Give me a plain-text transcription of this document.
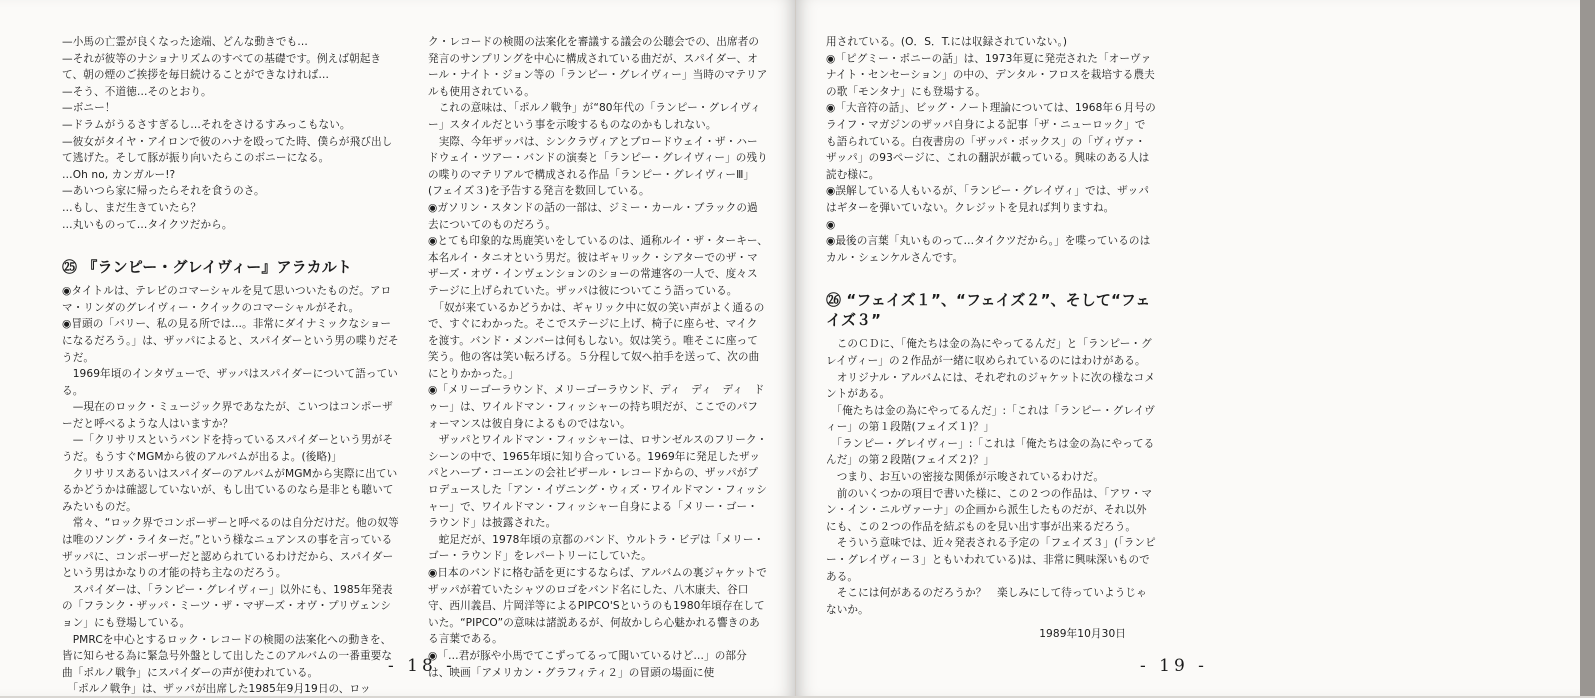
—小馬の亡霊が良くなった途端、どんな動きでも…

—それが彼等のナショナリズムのすべての基礎です。例えば朝起きて、朝の煙のご挨拶を毎日続けることができなければ…

—そう、不道徳…そのとおり。

—ボニー！

—ドラムがうるさすぎるし…それをさけるすみっこもない。

—彼女がタイヤ・アイロンで彼のハナを殴ってた時、僕らが飛び出して逃げた。そして豚が振り向いたらこのボニーになる。

…Oh no, カンガルー!?

—あいつら家に帰ったらそれを食うのさ。

…もし、まだ生きていたら？

…丸いものって…タイクツだから。

㉕ 『ランピー・グレイヴィー』アラカルト

◉タイトルは、テレビのコマーシャルを見て思いついたものだ。アロマ・リンダのグレイヴィー・クイックのコマーシャルがそれ。

◉冒頭の「バリー、私の見る所では…。非常にダイナミックなショーになるだろう。」は、ザッパによると、スパイダーという男の喋りだそうだ。

　1969年頃のインタヴューで、ザッパはスパイダーについて語っている。

　—現在のロック・ミュージック界であなたが、こいつはコンポーザーだと呼べるような人はいますか？

　—「クリサリスというバンドを持っているスパイダーという男がそうだ。もうすぐMGMから彼のアルバムが出るよ。(後略)」

　クリサリスあるいはスパイダーのアルバムがMGMから実際に出ているかどうかは確認していないが、もし出ているのなら是非とも聴いてみたいものだ。

　常々、“ロック界でコンポーザーと呼べるのは自分だけだ。他の奴等は唯のソング・ライターだ。”という様なニュアンスの事を言っているザッパに、コンポーザーだと認められているわけだから、スパイダーという男はかなりの才能の持ち主なのだろう。

　スパイダーは、「ランピー・グレイヴィー」以外にも、1985年発表の「フランク・ザッパ・ミーツ・ザ・マザーズ・オヴ・プリヴェンション」にも登場している。

　PMRCを中心とするロック・レコードの検閲の法案化への動きを、皆に知らせる為に緊急号外盤として出したこのアルバムの一番重要な曲「ポルノ戦争」にスパイダーの声が使われている。

　「ポルノ戦争」は、ザッパが出席した1985年9月19日の、ロッ

ク・レコードの検閲の法案化を審議する議会の公聴会での、出席者の発言のサンプリングを中心に構成されている曲だが、スパイダー、オール・ナイト・ジョン等の「ランピー・グレイヴィー」当時のマテリアルも使用されている。

　これの意味は、「ポルノ戦争」が“80年代の「ランピー・グレイヴィー」スタイルだという事を示唆するものなのかもしれない。

　実際、今年ザッパは、シンクラヴィアとブロードウェイ・ザ・ハードウェイ・ツアー・バンドの演奏と「ランピー・グレイヴィー」の残りの喋りのマテリアルで構成される作品「ランピー・グレイヴィーⅢ」(フェイズ３)を予告する発言を数回している。

◉ガソリン・スタンドの話の一部は、ジミー・カール・ブラックの過去についてのものだろう。

◉とても印象的な馬鹿笑いをしているのは、通称ルイ・ザ・ターキー、本名ルイ・タニオという男だ。彼はギャリック・シアターでのザ・マザーズ・オヴ・インヴェンションのショーの常連客の一人で、度々ステージに上げられていた。ザッパは彼についてこう語っている。

　「奴が来ているかどうかは、ギャリック中に奴の笑い声がよく通るので、すぐにわかった。そこでステージに上げ、椅子に座らせ、マイクを渡す。バンド・メンバーは何もしない。奴は笑う。唯そこに座って笑う。他の客は笑い転ろげる。５分程して奴へ拍手を送って、次の曲にとりかかった。」

◉「メリーゴーラウンド、メリーゴーラウンド、ディ　ディ　ディ　ドゥー」は、ワイルドマン・フィッシャーの持ち唄だが、ここでのパフォーマンスは彼自身によるものではない。

　ザッパとワイルドマン・フィッシャーは、ロサンゼルスのフリーク・シーンの中で、1965年頃に知り合っている。1969年に発足したザッパとハーブ・コーエンの会社ビザール・レコードからの、ザッパがプロデュースした「アン・イヴニング・ウィズ・ワイルドマン・フィッシャー」で、ワイルドマン・フィッシャー自身による「メリー・ゴー・ラウンド」は披露された。

　蛇足だが、1978年頃の京都のバンド、ウルトラ・ビデは「メリー・ゴー・ラウンド」をレパートリーにしていた。

◉日本のバンドに格む話を更にするならば、アルバムの裏ジャケットでザッパが着ていたシャツのロゴをバンド名にした、八木康夫、谷口守、西川義昌、片岡洋等によるPIPCO'Sというのも1980年頃存在していた。“PIPCO”の意味は諸説あるが、何故かしら心魅かれる響きのある言葉である。

◉「…君が豚や小馬でてこずってるって聞いているけど…」の部分は、映画「アメリカン・グラフィティ２」の冒頭の場面に使

- 18 -	- 19 -

用されている。(O．S．T.には収録されていない。)

◉「ピグミー・ポニーの話」は、1973年夏に発売された「オーヴァナイト・センセーション」の中の、デンタル・フロスを栽培する農夫の歌「モンタナ」にも登場する。

◉「大音符の話」、ビッグ・ノート理論については、1968年６月号のライフ・マガジンのザッパ自身による記事「ザ・ニューロック」でも語られている。白夜書房の「ザッパ・ボックス」の「ヴィヴァ・ザッパ」の93ページに、これの翻訳が載っている。興味のある人は読む様に。

◉誤解している人もいるが、「ランピー・グレイヴィ」では、ザッパはギターを弾いていない。クレジットを見れば判りますね。

◉

◉最後の言葉「丸いものって…タイクツだから。」を喋っているのはカル・シェンケルさんです。

㉖ “フェイズ１”、“フェイズ２”、そして“フェイズ３”

　このＣＤに、「俺たちは金の為にやってるんだ」と「ランピー・グレイヴィー」の２作品が一緒に収められているのにはわけがある。

　オリジナル・アルバムには、それぞれのジャケットに次の様なコメントがある。

　「俺たちは金の為にやってるんだ」:「これは「ランピー・グレイヴィー」の第１段階(フェイズ１)？」

　「ランピー・グレイヴィー」:「これは「俺たちは金の為にやってるんだ」の第２段階(フェイズ２)？」

　つまり、お互いの密接な関係が示唆されているわけだ。

　前のいくつかの項目で書いた様に、この２つの作品は、「アワ・マン・イン・ニルヴァーナ」の企画から派生したものだが、それ以外にも、この２つの作品を結ぶものを見い出す事が出来るだろう。

　そういう意味では、近々発表される予定の「フェイズ３」(「ランピー・グレイヴィー３」ともいわれている)は、非常に興味深いものである。

　そこには何があるのだろうか？　楽しみにして待っていようじゃないか。

1989年10月30日
